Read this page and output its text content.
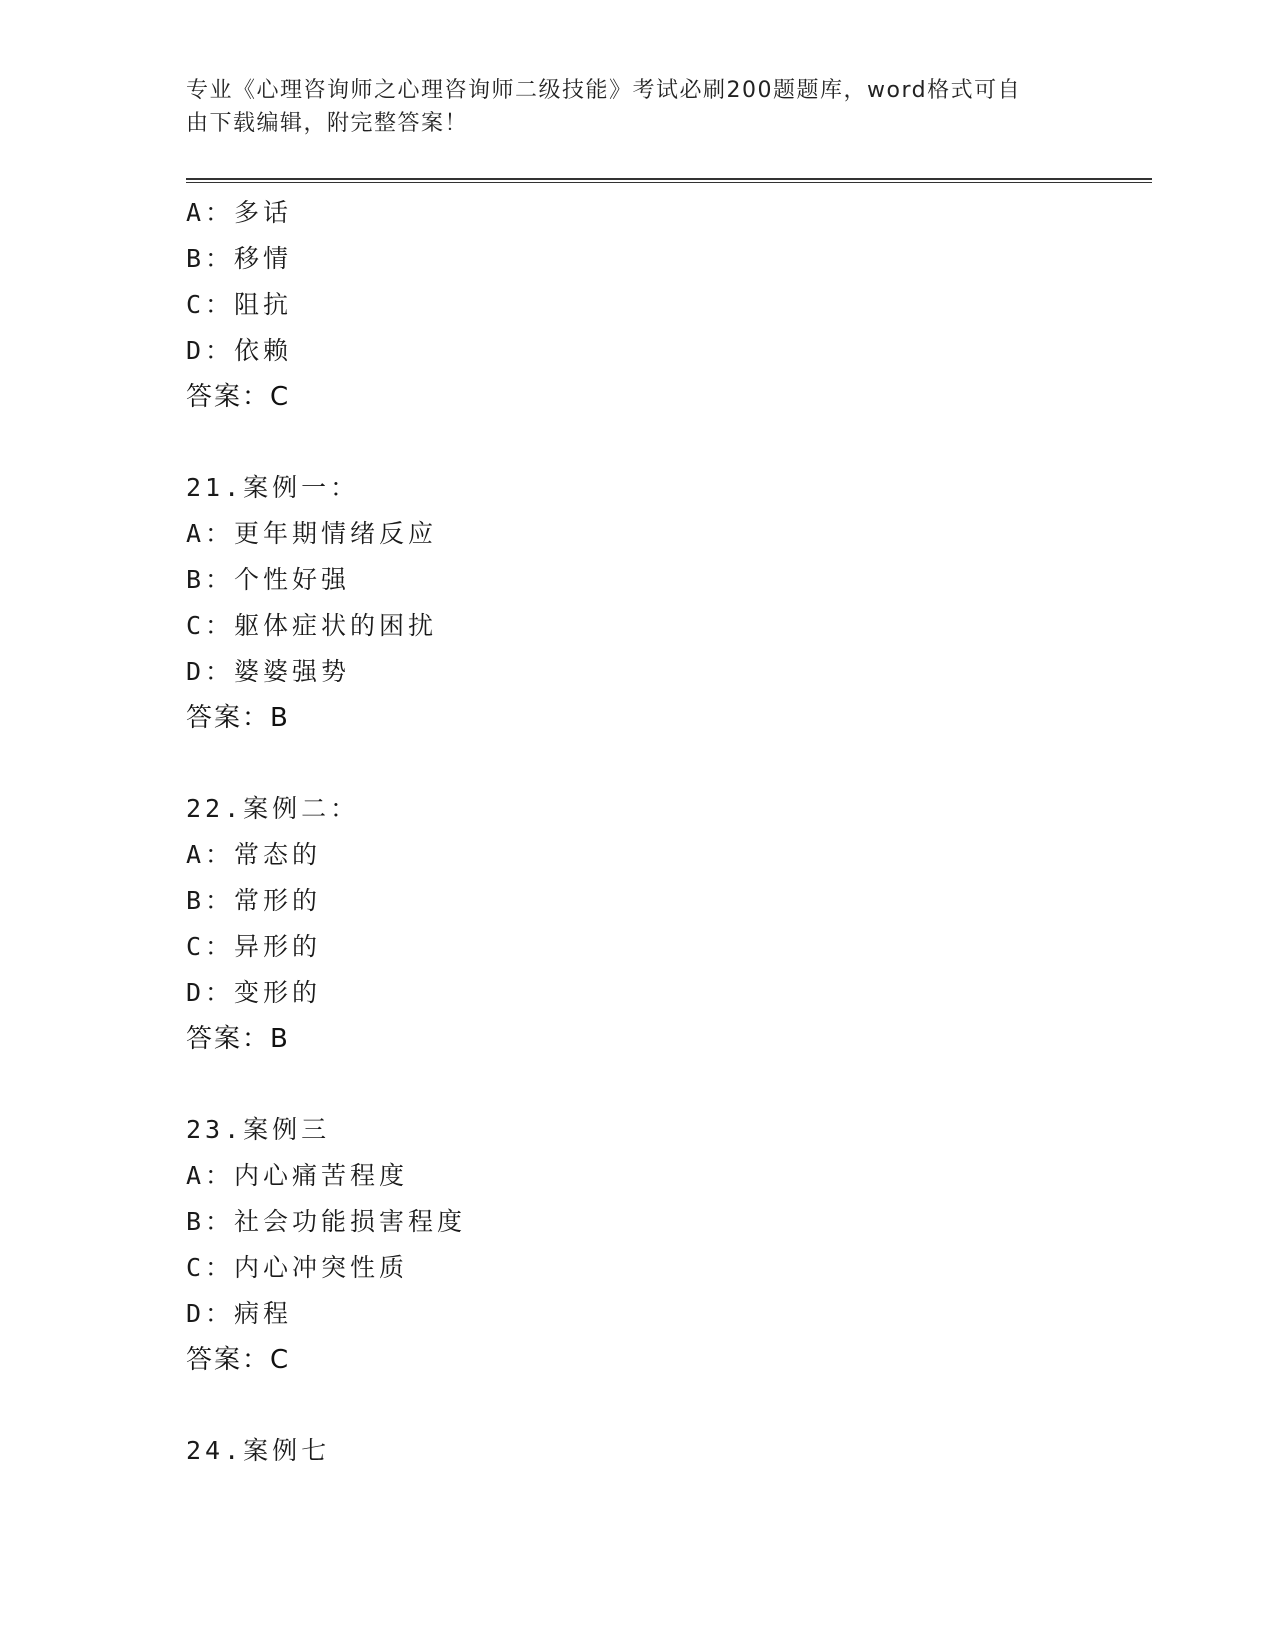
专业《心理咨询师之心理咨询师二级技能》考试必刷200题题库，word格式可自
由下载编辑，附完整答案！
A：多话
B：移情
C：阻抗
D：依赖
答案：C
21.案例一：
A：更年期情绪反应
B：个性好强
C：躯体症状的困扰
D：婆婆强势
答案：B
22.案例二：
A：常态的
B：常形的
C：异形的
D：变形的
答案：B
23.案例三
A：内心痛苦程度
B：社会功能损害程度
C：内心冲突性质
D：病程
答案：C
24.案例七
